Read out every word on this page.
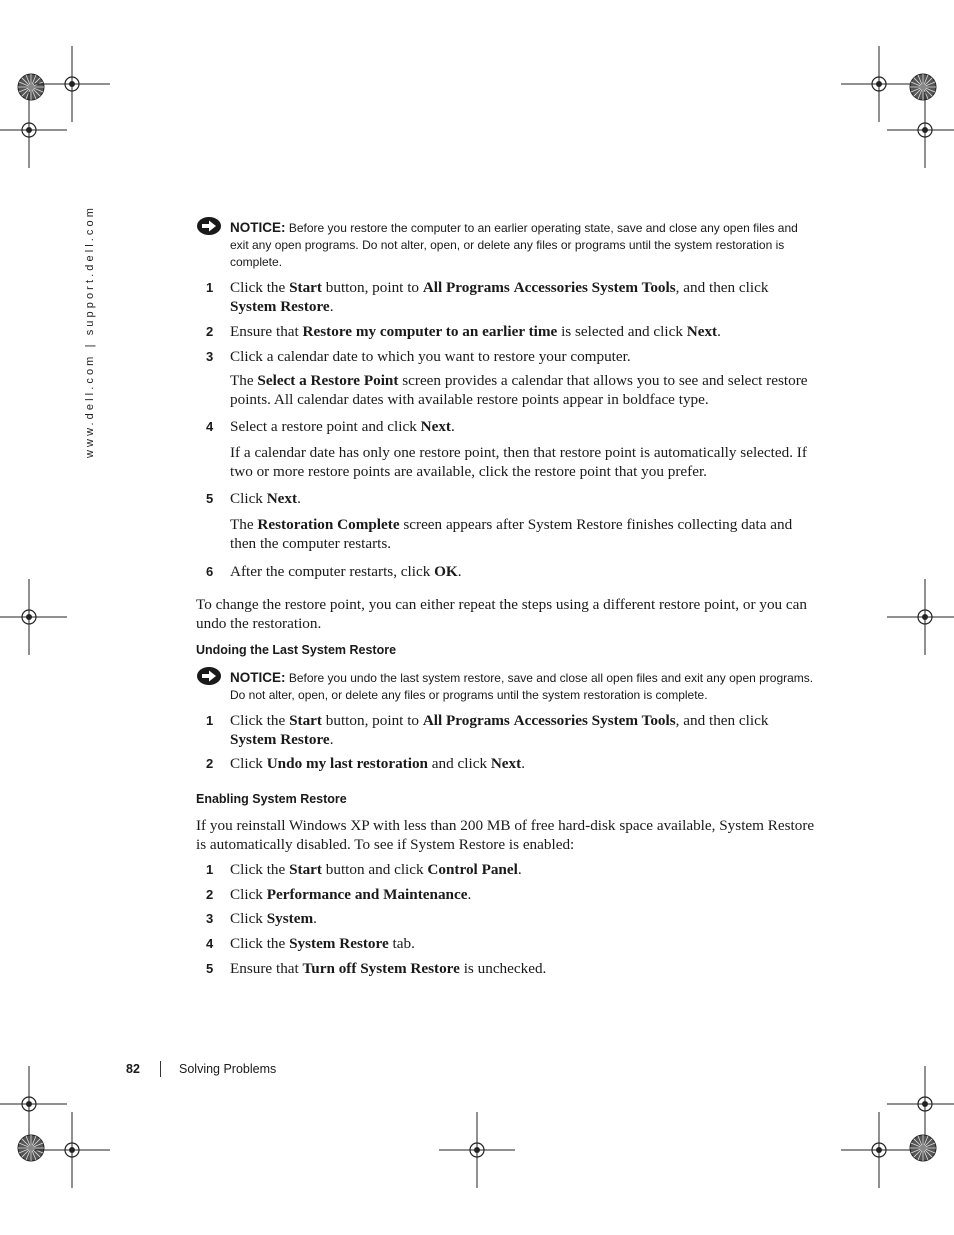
www.dell.com | support.dell.com	NOTICE: Before you restore the computer to an earlier operating state, save and close any open files and exit any open programs. Do not alter, open, or delete any files or programs until the system restoration is complete.
1 Click the Start button, point to All Programs Accessories System Tools, and then click System Restore.
2 Ensure that Restore my computer to an earlier time is selected and click Next.
3 Click a calendar date to which you want to restore your computer.
4 Select a restore point and click Next.
5 Click Next.
6 After the computer restarts, click OK.
The Select a Restore Point screen provides a calendar that allows you to see and select restore points. All calendar dates with available restore points appear in boldface type.
If a calendar date has only one restore point, then that restore point is automatically selected. If two or more restore points are available, click the restore point that you prefer.
The Restoration Complete screen appears after System Restore finishes collecting data and then the computer restarts.
To change the restore point, you can either repeat the steps using a different restore point, or you can undo the restoration.
Undoing the Last System Restore
NOTICE: Before you undo the last system restore, save and close all open files and exit any open programs. Do not alter, open, or delete any files or programs until the system restoration is complete.
1 Click the Start button, point to All Programs Accessories System Tools, and then click System Restore.
2 Click Undo my last restoration and click Next.
Enabling System Restore
If you reinstall Windows XP with less than 200 MB of free hard-disk space available, System Restore is automatically disabled. To see if System Restore is enabled:
1 Click the Start button and click Control Panel.
2 Click Performance and Maintenance.
3 Click System.
4 Click the System Restore tab.
5 Ensure that Turn off System Restore is unchecked.
82	Solving Problems
